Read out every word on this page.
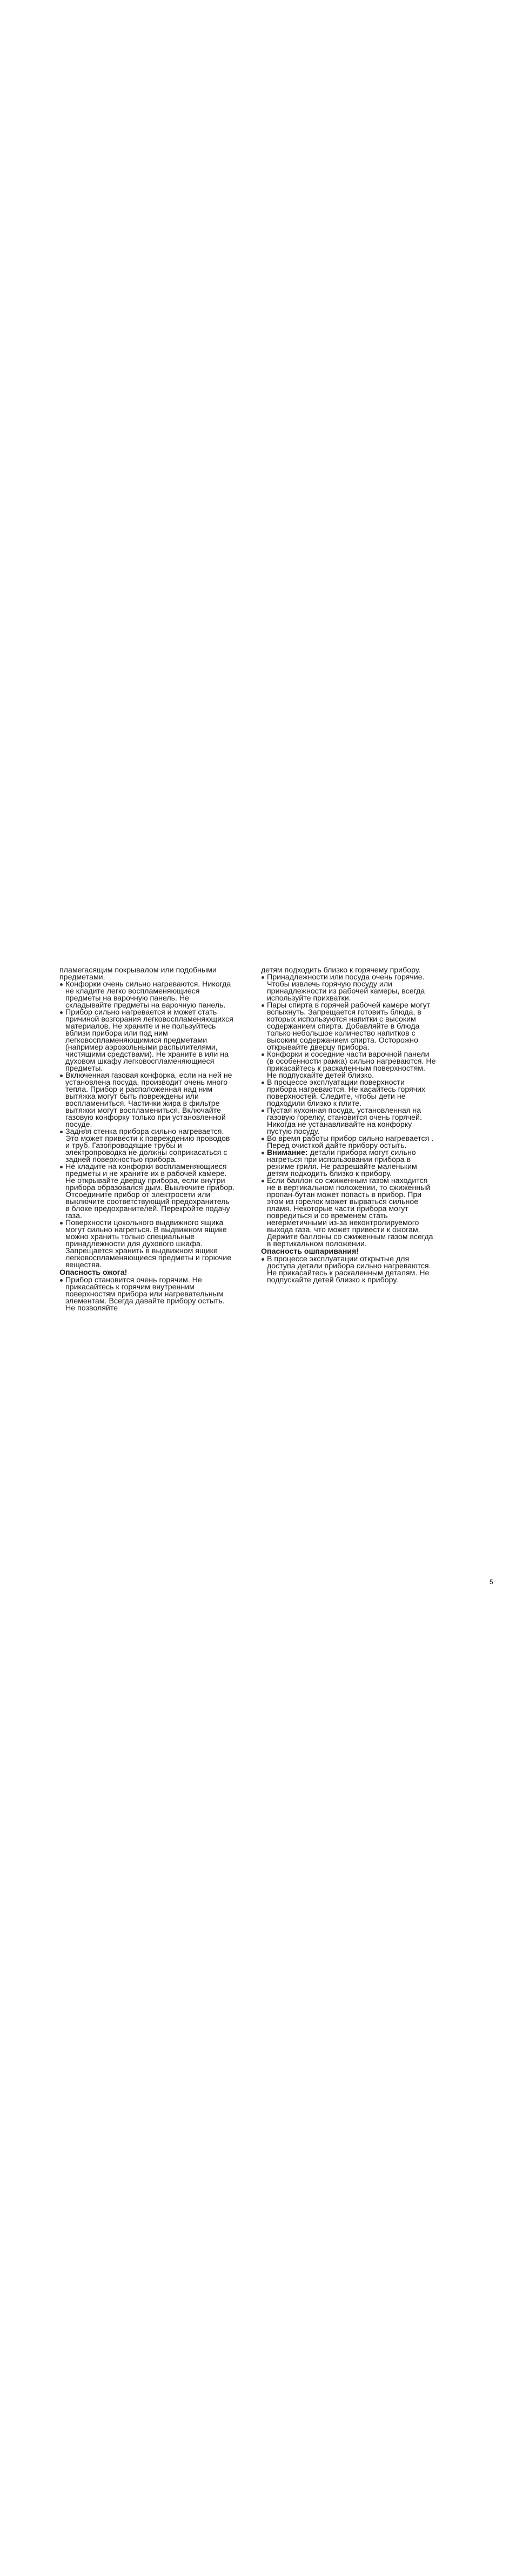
пламегасящим покрывалом или подобными предметами.

Конфорки очень сильно нагреваются. Никогда не кладите легко воспламеняющиеся предметы на варочную панель. Не складывайте предметы на варочную панель.
Прибор сильно нагревается и может стать причиной возгорания легковоспламеняющихся материалов. Не храните и не пользуйтесь вблизи прибора или под ним легковоспламеняющимися предметами (например аэрозольными распылителями, чистящими средствами). Не храните в или на духовом шкафу легковоспламеняющиеся предметы.
Включенная газовая конфорка, если на ней не установлена посуда, производит очень много тепла. Прибор и расположенная над ним вытяжка могут быть повреждены или воспламениться. Частички жира в фильтре вытяжки могут воспламениться. Включайте газовую конфорку только при установленной посуде.
Задняя стенка прибора сильно нагревается. Это может привести к повреждению проводов и труб. Газопроводящие трубы и электропроводка не должны соприкасаться с задней поверхностью прибора.
Не кладите на конфорки воспламеняющиеся предметы и не храните их в рабочей камере. Не открывайте дверцу прибора, если внутри прибора образовался дым. Выключите прибор. Отсоедините прибор от электросети или выключите соответствующий предохранитель в блоке предохранителей. Перекройте подачу газа.
Поверхности цокольного выдвижного ящика могут сильно нагреться. В выдвижном ящике можно хранить только специальные принадлежности для духового шкафа. Запрещается хранить в выдвижном ящике легковоспламеняющиеся предметы и горючие вещества.
Опасность ожога!
Прибор становится очень горячим. Не прикасайтесь к горячим внутренним поверхностям прибора или нагревательным элементам. Всегда давайте прибору остыть. Не позволяйте

детям подходить близко к горячему прибору.

Принадлежности или посуда очень горячие. Чтобы извлечь горячую посуду или принадлежности из рабочей камеры, всегда используйте прихватки.
Пары спирта в горячей рабочей камере могут вспыхнуть. Запрещается готовить блюда, в которых используются напитки с высоким содержанием спирта. Добавляйте в блюда только небольшое количество напитков с высоким содержанием спирта. Осторожно открывайте дверцу прибора.
Конфорки и соседние части варочной панели (в особенности рамка) сильно нагреваются. Не прикасайтесь к раскаленным поверхностям. Не подпускайте детей близко.
В процессе эксплуатации поверхности прибора нагреваются. Не касайтесь горячих поверхностей. Следите, чтобы дети не подходили близко к плите.
Пустая кухонная посуда, установленная на газовую горелку, становится очень горячей. Никогда не устанавливайте на конфорку пустую посуду.
Во время работы прибор сильно нагревается . Перед очисткой дайте прибору остыть.
Внимание: детали прибора могут сильно нагреться при использовании прибора в режиме гриля. Не разрешайте маленьким детям подходить близко к прибору.
Если баллон со сжиженным газом находится не в вертикальном положении, то сжиженный пропан-бутан может попасть в прибор. При этом из горелок может вырваться сильное пламя. Некоторые части прибора могут повредиться и со временем стать негерметичными из-за неконтролируемого выхода газа, что может привести к ожогам. Держите баллоны со сжиженным газом всегда в вертикальном положении.
Опасность ошпаривания!
В процессе эксплуатации открытые для доступа детали прибора сильно нагреваются. Не прикасайтесь к раскаленным деталям. Не подпускайте детей близко к прибору.
5
